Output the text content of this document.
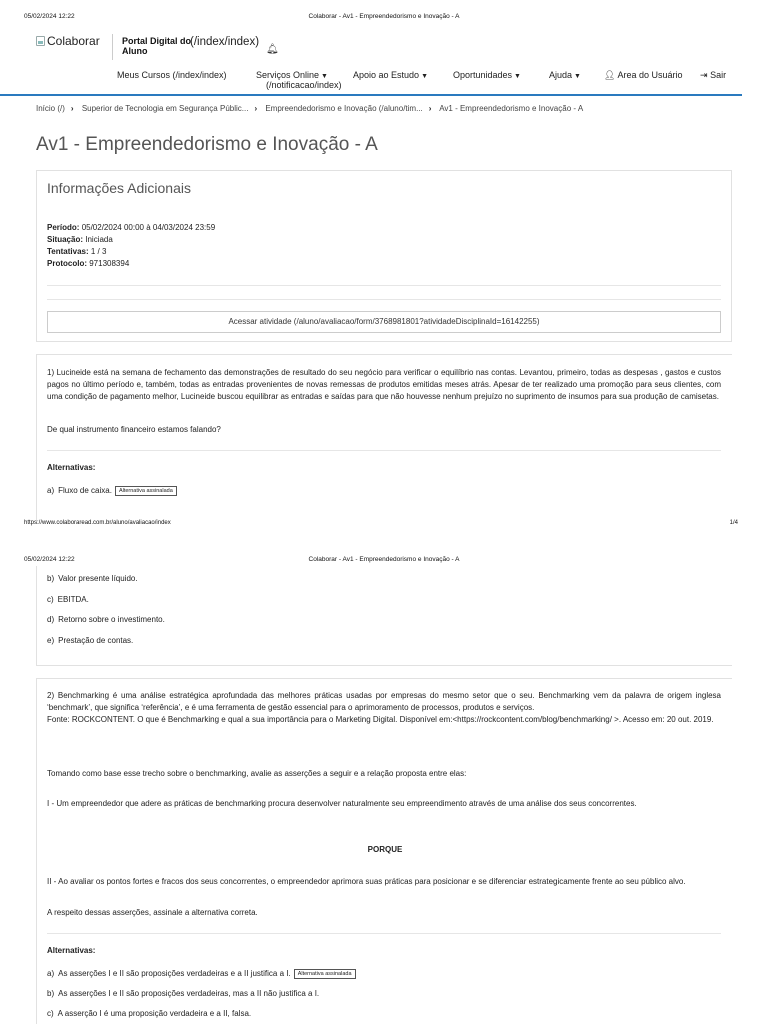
05/02/2024 12:22	Colaborar - Av1 - Empreendedorismo e Inovação - A
Colaborar Portal Digital do Aluno
(/index/index)
🔔︎
Meus Cursos (/index/index)	Serviços Online ▼	Apoio ao Estudo ▼	Oportunidades ▼	Ajuda ▼	👤︎ Area do Usuário ⇥ Sair
(/notificacao/index)
Início (/) › Superior de Tecnologia em Segurança Públic... › Empreendedorismo e Inovação (/aluno/tim... › Av1 - Empreendedorismo e Inovação - A
Av1 - Empreendedorismo e Inovação - A
Informações Adicionais
Período: 05/02/2024 00:00 à 04/03/2024 23:59
Situação: Iniciada
Tentativas: 1 / 3
Protocolo: 971308394
Acessar atividade (/aluno/avaliacao/form/3768981801?atividadeDisciplinaId=16142255)
1) Lucineide está na semana de fechamento das demonstrações de resultado do seu negócio para verificar o equilíbrio nas contas. Levantou, primeiro, todas as despesas , gastos e custos pagos no último período e, também, todas as entradas provenientes de novas remessas de produtos emitidas meses atrás. Apesar de ter realizado uma promoção para seus clientes, com uma condição de pagamento melhor, Lucineide buscou equilibrar as entradas e saídas para que não houvesse nenhum prejuízo no suprimento de insumos para sua produção de camisetas.
De qual instrumento financeiro estamos falando?
Alternativas:
a) Fluxo de caixa. Alternativa assinalada
https://www.colaboraread.com.br/aluno/avaliacao/index	1/4
05/02/2024 12:22	Colaborar - Av1 - Empreendedorismo e Inovação - A
b) Valor presente líquido.
c) EBITDA.
d) Retorno sobre o investimento.
e) Prestação de contas.
2) Benchmarking é uma análise estratégica aprofundada das melhores práticas usadas por empresas do mesmo setor que o seu. Benchmarking vem da palavra de origem inglesa ‘benchmark’, que significa ‘referência’, e é uma ferramenta de gestão essencial para o aprimoramento de processos, produtos e serviços.
Fonte: ROCKCONTENT. O que é Benchmarking e qual a sua importância para o Marketing Digital. Disponível em:<https://rockcontent.com/blog/benchmarking/ >. Acesso em: 20 out. 2019.
Tomando como base esse trecho sobre o benchmarking, avalie as asserções a seguir e a relação proposta entre elas:
I - Um empreendedor que adere as práticas de benchmarking procura desenvolver naturalmente seu empreendimento através de uma análise dos seus concorrentes.
PORQUE
II - Ao avaliar os pontos fortes e fracos dos seus concorrentes, o empreendedor aprimora suas práticas para posicionar e se diferenciar estrategicamente frente ao seu público alvo.
A respeito dessas asserções, assinale a alternativa correta.
Alternativas:
a) As asserções I e II são proposições verdadeiras e a II justifica a I. Alternativa assinalada
b) As asserções I e II são proposições verdadeiras, mas a II não justifica a I.
c) A asserção I é uma proposição verdadeira e a II, falsa.
